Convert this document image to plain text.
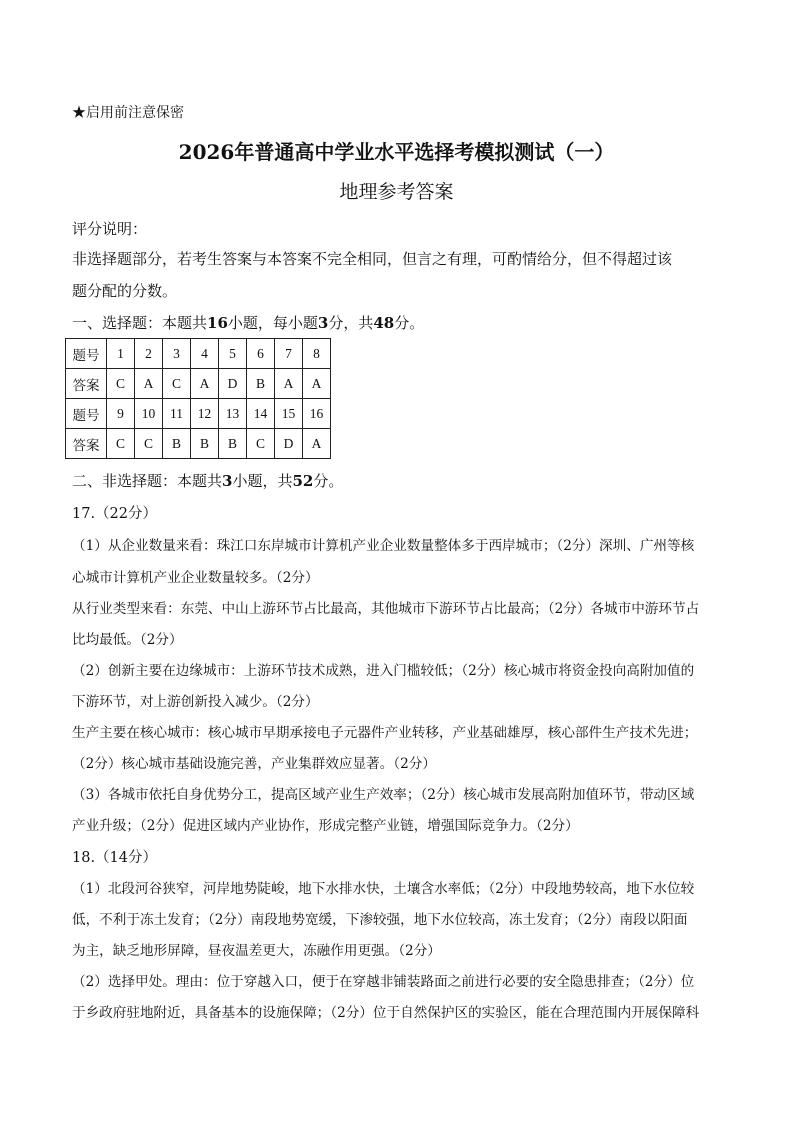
★启用前注意保密
2026年普通高中学业水平选择考模拟测试（一）
地理参考答案
评分说明：
非选择题部分，若考生答案与本答案不完全相同，但言之有理，可酌情给分，但不得超过该
题分配的分数。
一、选择题：本题共16小题，每小题3分，共48分。
题号	1	2	3	4	5	6	7	8
答案	C	A	C	A	D	B	A	A
题号	9	10	11	12	13	14	15	16
答案	C	C	B	B	B	C	D	A
二、非选择题：本题共3小题，共52分。
17.（22分）
（1）从企业数量来看：珠江口东岸城市计算机产业企业数量整体多于西岸城市；（2分）深圳、广州等核
心城市计算机产业企业数量较多。（2分）
从行业类型来看：东莞、中山上游环节占比最高，其他城市下游环节占比最高；（2分）各城市中游环节占
比均最低。（2分）
（2）创新主要在边缘城市：上游环节技术成熟，进入门槛较低；（2分）核心城市将资金投向高附加值的
下游环节，对上游创新投入减少。（2分）
生产主要在核心城市：核心城市早期承接电子元器件产业转移，产业基础雄厚，核心部件生产技术先进；
（2分）核心城市基础设施完善，产业集群效应显著。（2分）
（3）各城市依托自身优势分工，提高区域产业生产效率；（2分）核心城市发展高附加值环节，带动区域
产业升级；（2分）促进区域内产业协作，形成完整产业链，增强国际竞争力。（2分）
18.（14分）
（1）北段河谷狭窄，河岸地势陡峻，地下水排水快，土壤含水率低；（2分）中段地势较高，地下水位较
低，不利于冻土发育；（2分）南段地势宽缓，下渗较强，地下水位较高，冻土发育；（2分）南段以阳面
为主，缺乏地形屏障，昼夜温差更大，冻融作用更强。（2分）
（2）选择甲处。理由：位于穿越入口，便于在穿越非铺装路面之前进行必要的安全隐患排查；（2分）位
于乡政府驻地附近，具备基本的设施保障；（2分）位于自然保护区的实验区，能在合理范围内开展保障科
